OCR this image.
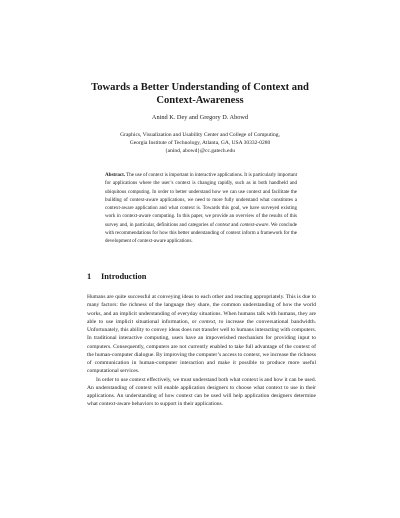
Towards a Better Understanding of Context and
Context-Awareness
Anind K. Dey and Gregory D. Abowd
Graphics, Visualization and Usability Center and College of Computing,
Georgia Institute of Technology, Atlanta, GA, USA 30332-0280
{anind, abowd}@cc.gatech.edu
Abstract. The use of context is important in interactive applications. It is particularly important for applications where the user’s context is changing rapidly, such as in both handheld and ubiquitous computing. In order to better understand how we can use context and facilitate the building of context-aware applications, we need to more fully understand what constitutes a context-aware application and what context is. Towards this goal, we have surveyed existing work in context-aware computing. In this paper, we provide an overview of the results of this survey and, in particular, definitions and categories of context and context-aware. We conclude with recommendations for how this better understanding of context inform a framework for the development of context-aware applications.
1 Introduction

Humans are quite successful at conveying ideas to each other and reacting appropriately. This is due to many factors: the richness of the language they share, the common understanding of how the world works, and an implicit understanding of everyday situations. When humans talk with humans, they are able to use implicit situational information, or context, to increase the conversational bandwidth. Unfortunately, this ability to convey ideas does not transfer well to humans interacting with computers. In traditional interactive computing, users have an impoverished mechanism for providing input to computers. Consequently, computers are not currently enabled to take full advantage of the context of the human-computer dialogue. By improving the computer’s access to context, we increase the richness of communication in human-computer interaction and make it possible to produce more useful computational services.

In order to use context effectively, we must understand both what context is and how it can be used. An understanding of context will enable application designers to choose what context to use in their applications. An understanding of how context can be used will help application designers determine what context-aware behaviors to support in their applications.
